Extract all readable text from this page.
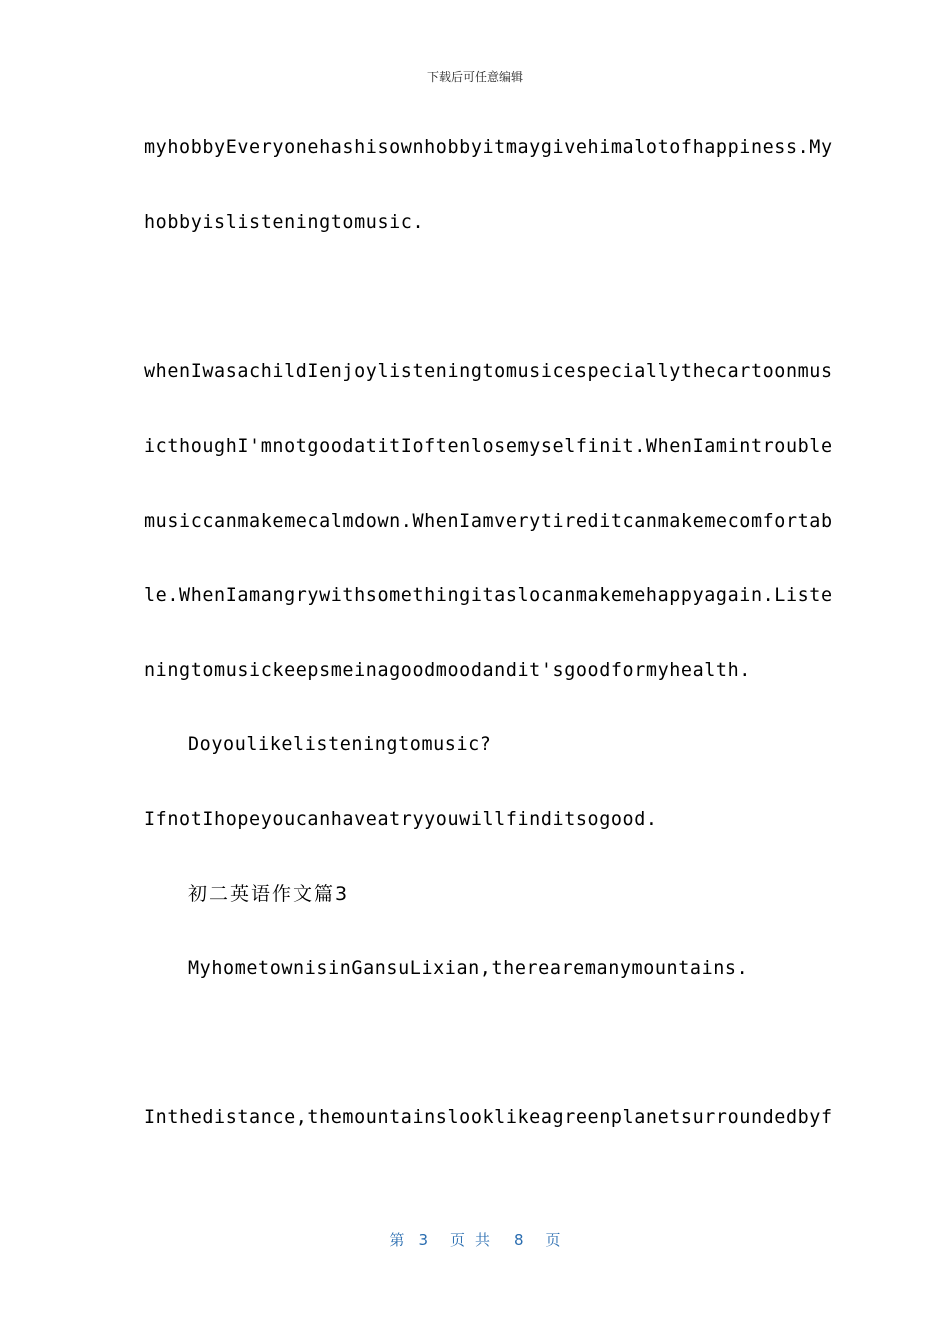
下载后可任意编辑
myhobbyEveryonehashisownhobbyitmaygivehimalotofhappiness.My
hobbyislisteningtomusic.
whenIwasachildIenjoylisteningtomusicespeciallythecartoonmus
icthoughI'mnotgoodatitIoftenlosemyselfinit.WhenIamintrouble
musiccanmakemecalmdown.WhenIamverytireditcanmakemecomfortab
le.WhenIamangrywithsomethingitaslocanmakemehappyagain.Liste
ningtomusickeepsmeinagoodmoodandit'sgoodformyhealth.
Doyoulikelisteningtomusic?
IfnotIhopeyoucanhaveatryyouwillfinditsogood.
初二英语作文篇3
MyhometownisinGansuLixian,therearemanymountains.
Inthedistance,themountainslooklikeagreenplanetsurroundedbyf
第 3 页共 8 页
